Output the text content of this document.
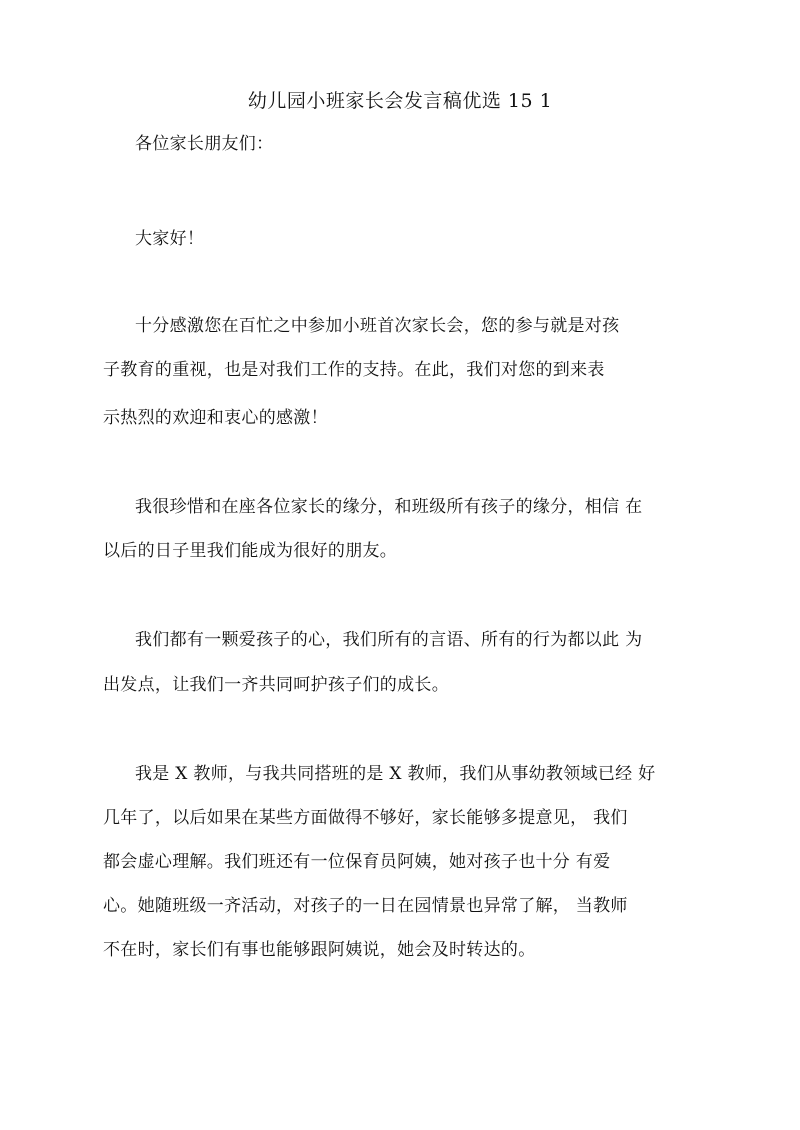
幼儿园小班家长会发言稿优选 15 1
各位家长朋友们：
大家好！
十分感激您在百忙之中参加小班首次家长会，您的参与就是对孩
子教育的重视，也是对我们工作的支持。在此，我们对您的到来表
示热烈的欢迎和衷心的感激！
我很珍惜和在座各位家长的缘分，和班级所有孩子的缘分，相信 在
以后的日子里我们能成为很好的朋友。
我们都有一颗爱孩子的心，我们所有的言语、所有的行为都以此 为
出发点，让我们一齐共同呵护孩子们的成长。
我是 X 教师，与我共同搭班的是 X 教师，我们从事幼教领域已经 好
几年了，以后如果在某些方面做得不够好，家长能够多提意见， 我们
都会虚心理解。我们班还有一位保育员阿姨，她对孩子也十分 有爱
心。她随班级一齐活动，对孩子的一日在园情景也异常了解， 当教师
不在时，家长们有事也能够跟阿姨说，她会及时转达的。
